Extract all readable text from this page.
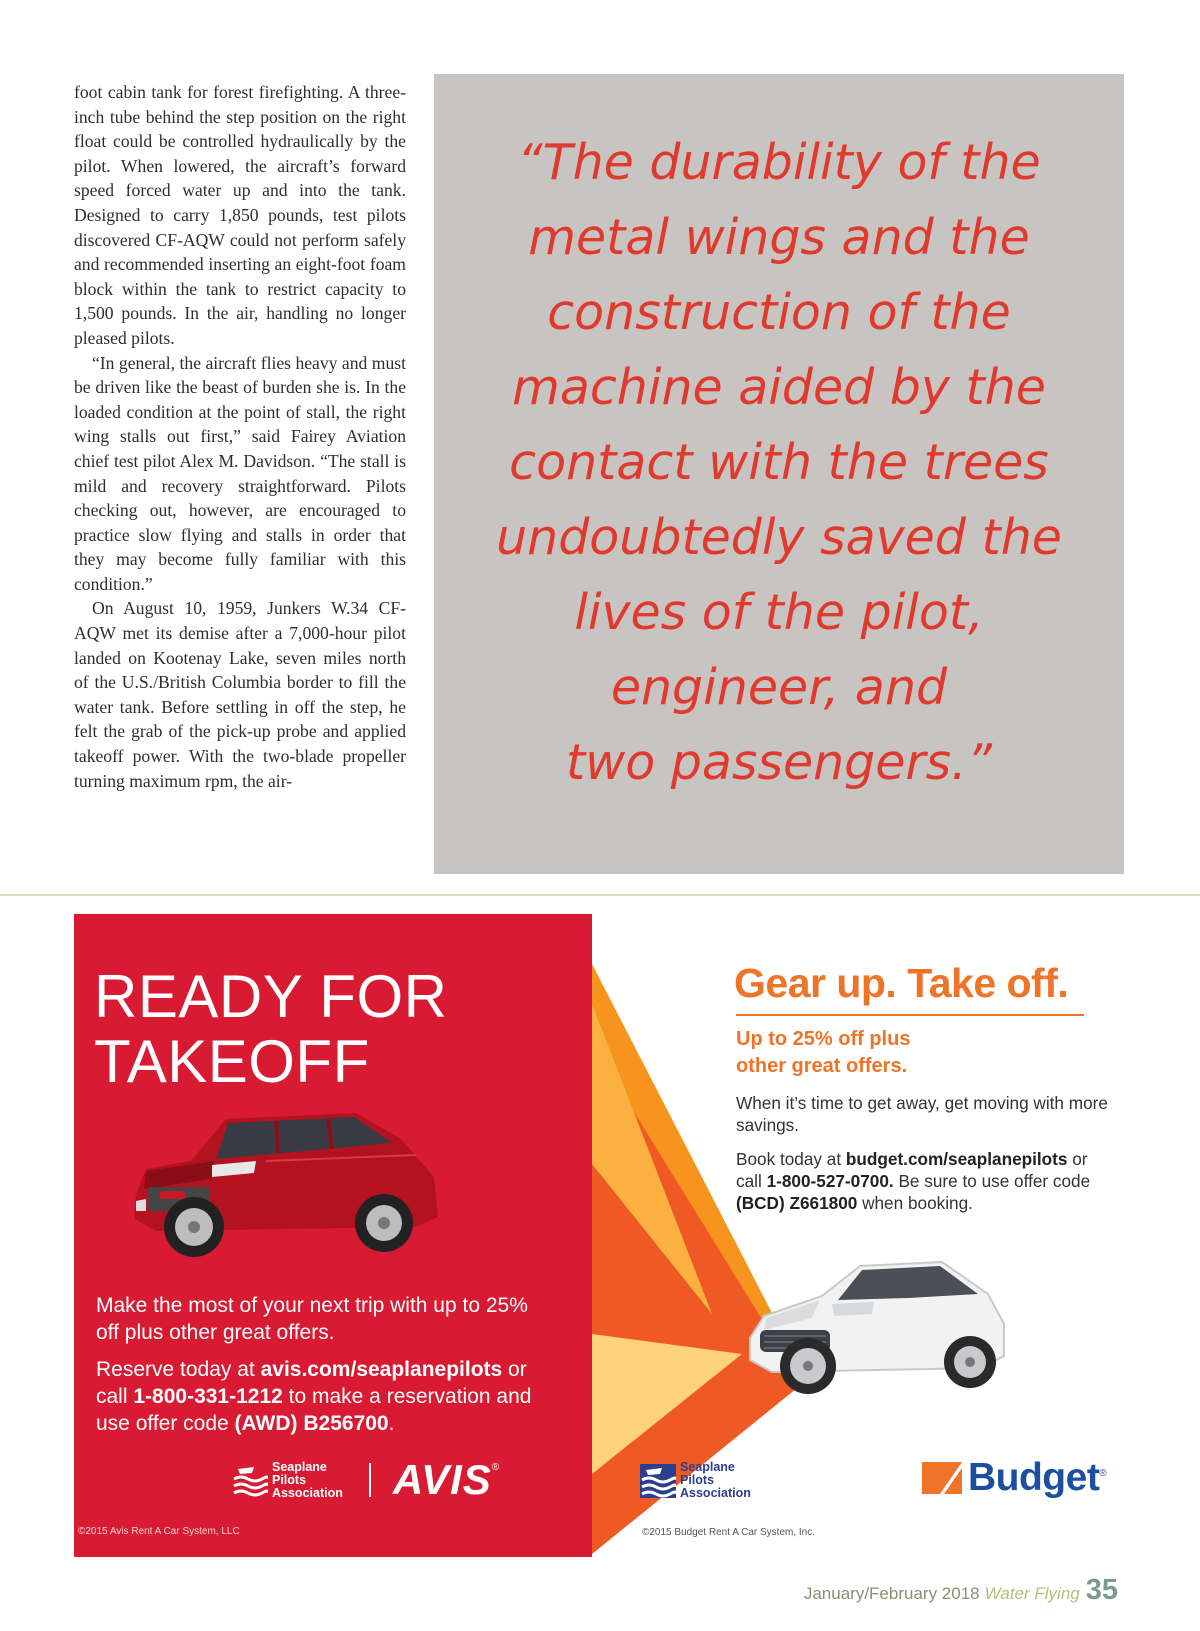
foot cabin tank for forest firefighting. A three-inch tube behind the step position on the right float could be controlled hydraulically by the pilot. When lowered, the aircraft’s forward speed forced water up and into the tank. Designed to carry 1,850 pounds, test pilots discovered CF-AQW could not perform safely and recommended inserting an eight-foot foam block within the tank to restrict capacity to 1,500 pounds. In the air, handling no longer pleased pilots.

“In general, the aircraft flies heavy and must be driven like the beast of burden she is. In the loaded condition at the point of stall, the right wing stalls out first,” said Fairey Aviation chief test pilot Alex M. Davidson. “The stall is mild and recovery straightforward. Pilots checking out, however, are encouraged to practice slow flying and stalls in order that they may become fully familiar with this condition.”

On August 10, 1959, Junkers W.34 CF-AQW met its demise after a 7,000-hour pilot landed on Kootenay Lake, seven miles north of the U.S./British Columbia border to fill the water tank. Before settling in off the step, he felt the grab of the pick-up probe and applied takeoff power. With the two-blade propeller turning maximum rpm, the air-

“The durability of the
metal wings and the
construction of the
machine aided by the
contact with the trees
undoubtedly saved the
lives of the pilot,
engineer, and
two passengers.”
READY FOR
TAKEOFF

Make the most of your next trip with up to 25% off plus other great offers.

Reserve today at avis.com/seaplanepilots or call 1-800-331-1212 to make a reservation and use offer code (AWD) B256700.

Seaplane
Pilots
Association AVIS®
©2015 Avis Rent A Car System, LLC
Gear up. Take off.
Up to 25% off plus
other great offers.

When it’s time to get away, get moving with more savings.

Book today at budget.com/seaplanepilots or call 1-800-527-0700. Be sure to use offer code (BCD) Z661800 when booking.

Seaplane
Pilots
Association	Budget®
©2015 Budget Rent A Car System, Inc.
January/February 2018 Water Flying 35
